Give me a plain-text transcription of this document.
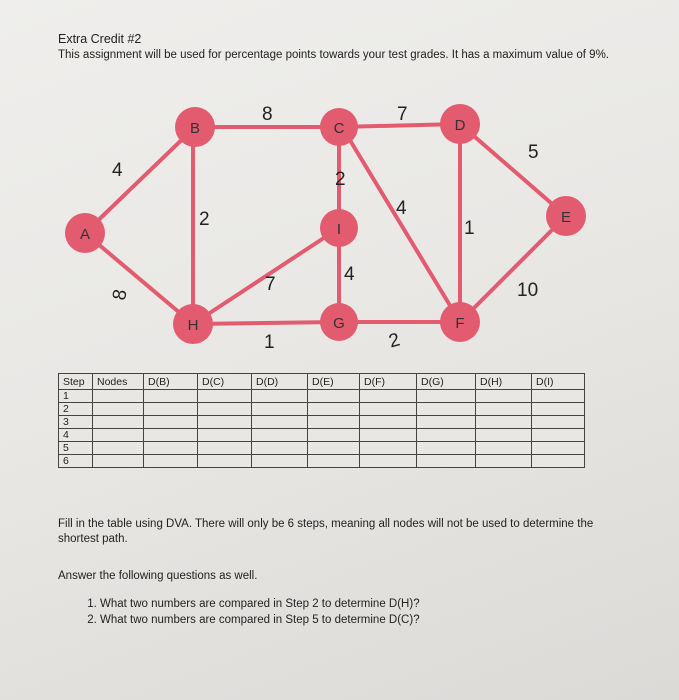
Extra Credit #2
This assignment will be used for percentage points towards your test grades. It has a maximum value of 9%.
4
8
2
8	7
2
4
1
5
10
7	4
1	2
A
B	C	D
E
I
H	G	F
Step	Nodes	D(B)	D(C)	D(D)	D(E)	D(F)	D(G)	D(H)	D(I)
1									
2									
3									
4									
5									
6									
Fill in the table using DVA. There will only be 6 steps, meaning all nodes will not be used to determine the shortest path.
Answer the following questions as well.
1. What two numbers are compared in Step 2 to determine D(H)?
2. What two numbers are compared in Step 5 to determine D(C)?
